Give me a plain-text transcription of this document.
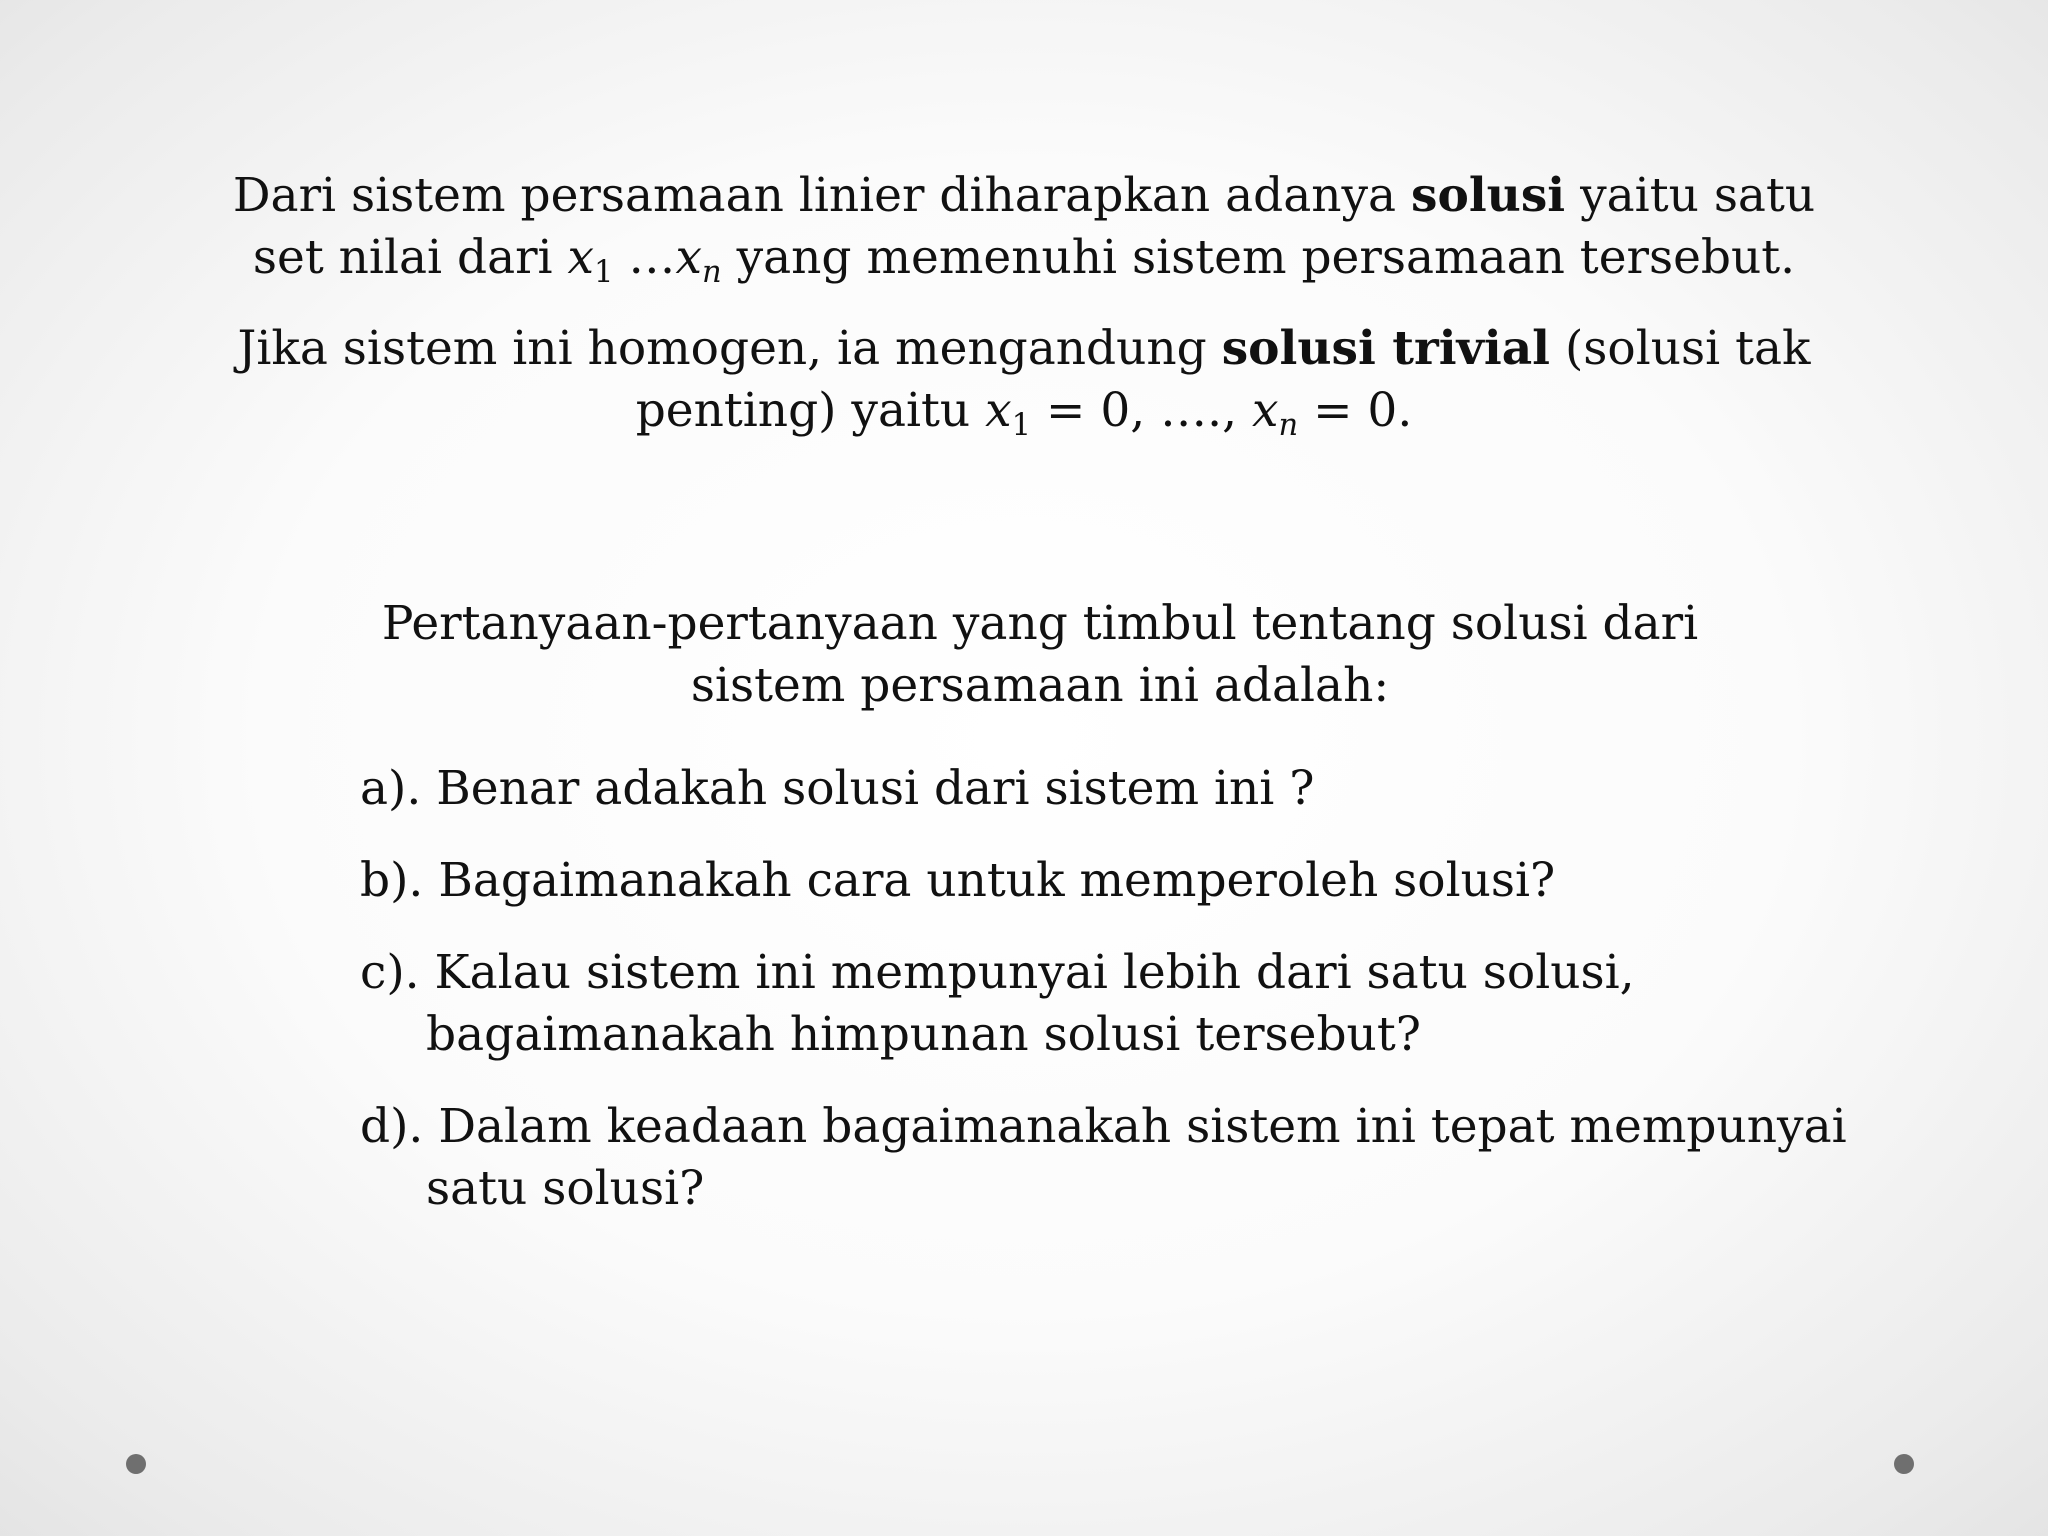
Dari sistem persamaan linier diharapkan adanya solusi yaitu satu set nilai dari $x_1$ $\dots x_n$ yang memenuhi sistem persamaan tersebut.

Jika sistem ini homogen, ia mengandung solusi trivial (solusi tak penting) yaitu $x_1 = 0$, …., $x_n = 0$.

Pertanyaan-pertanyaan yang timbul tentang solusi dari sistem persamaan ini adalah:

a). Benar adakah solusi dari sistem ini ?
b). Bagaimanakah cara untuk memperoleh solusi?
c). Kalau sistem ini mempunyai lebih dari satu solusi, bagaimanakah himpunan solusi tersebut?
d). Dalam keadaan bagaimanakah sistem ini tepat mempunyai satu solusi?
